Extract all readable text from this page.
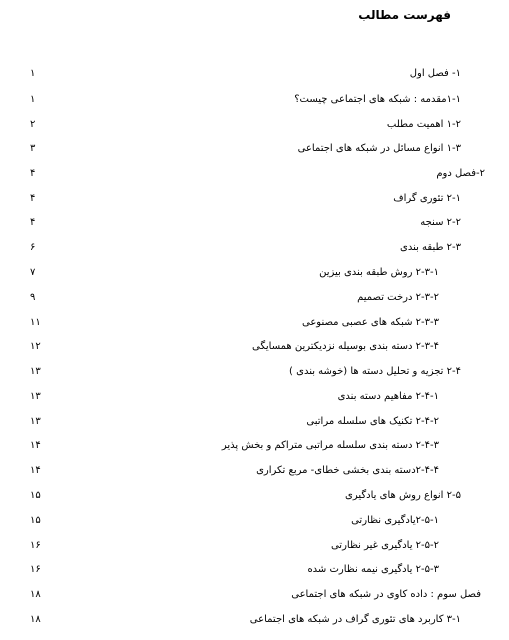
فهرست مطالب
۱	۱- فصل اول
۱	۱-۱مقدمه : شبکه های اجتماعی چیست؟
۲	۱-۲ اهمیت مطلب
۳	۱-۳ انواع مسائل در شبکه های اجتماعی
۴	۲-فصل دوم
۴	۲-۱ تئوری گراف
۴	۲-۲ سنجه
۶	۲-۳ طبقه بندی
۷	۲-۳-۱ روش طبقه بندی بیزین
۹	۲-۳-۲ درخت تصمیم
۱۱	۲-۳-۳ شبکه های عصبی مصنوعی
۱۲	۲-۳-۴ دسته بندی بوسیله نزدیکترین همسایگی
۱۳	۲-۴ تجزیه و تحلیل دسته ها (خوشه بندی )
۱۳	۲-۴-۱ مفاهیم دسته بندی
۱۳	۲-۴-۲ تکنیک های سلسله مراتبی
۱۴	۲-۴-۳ دسته بندی سلسله مراتبی متراکم و بخش پذیر
۱۴	۲-۴-۴دسته بندی بخشی خطای- مربع تکراری
۱۵	۲-۵ انواع روش های یادگیری
۱۵	۲-۵-۱یادگیری نظارتی
۱۶	۲-۵-۲ یادگیری غیر نظارتی
۱۶	۲-۵-۳ یادگیری نیمه نظارت شده
۱۸	فصل سوم : داده کاوی در شبکه های اجتماعی
۱۸	۳-۱ کاربرد های تئوری گراف در شبکه های اجتماعی
